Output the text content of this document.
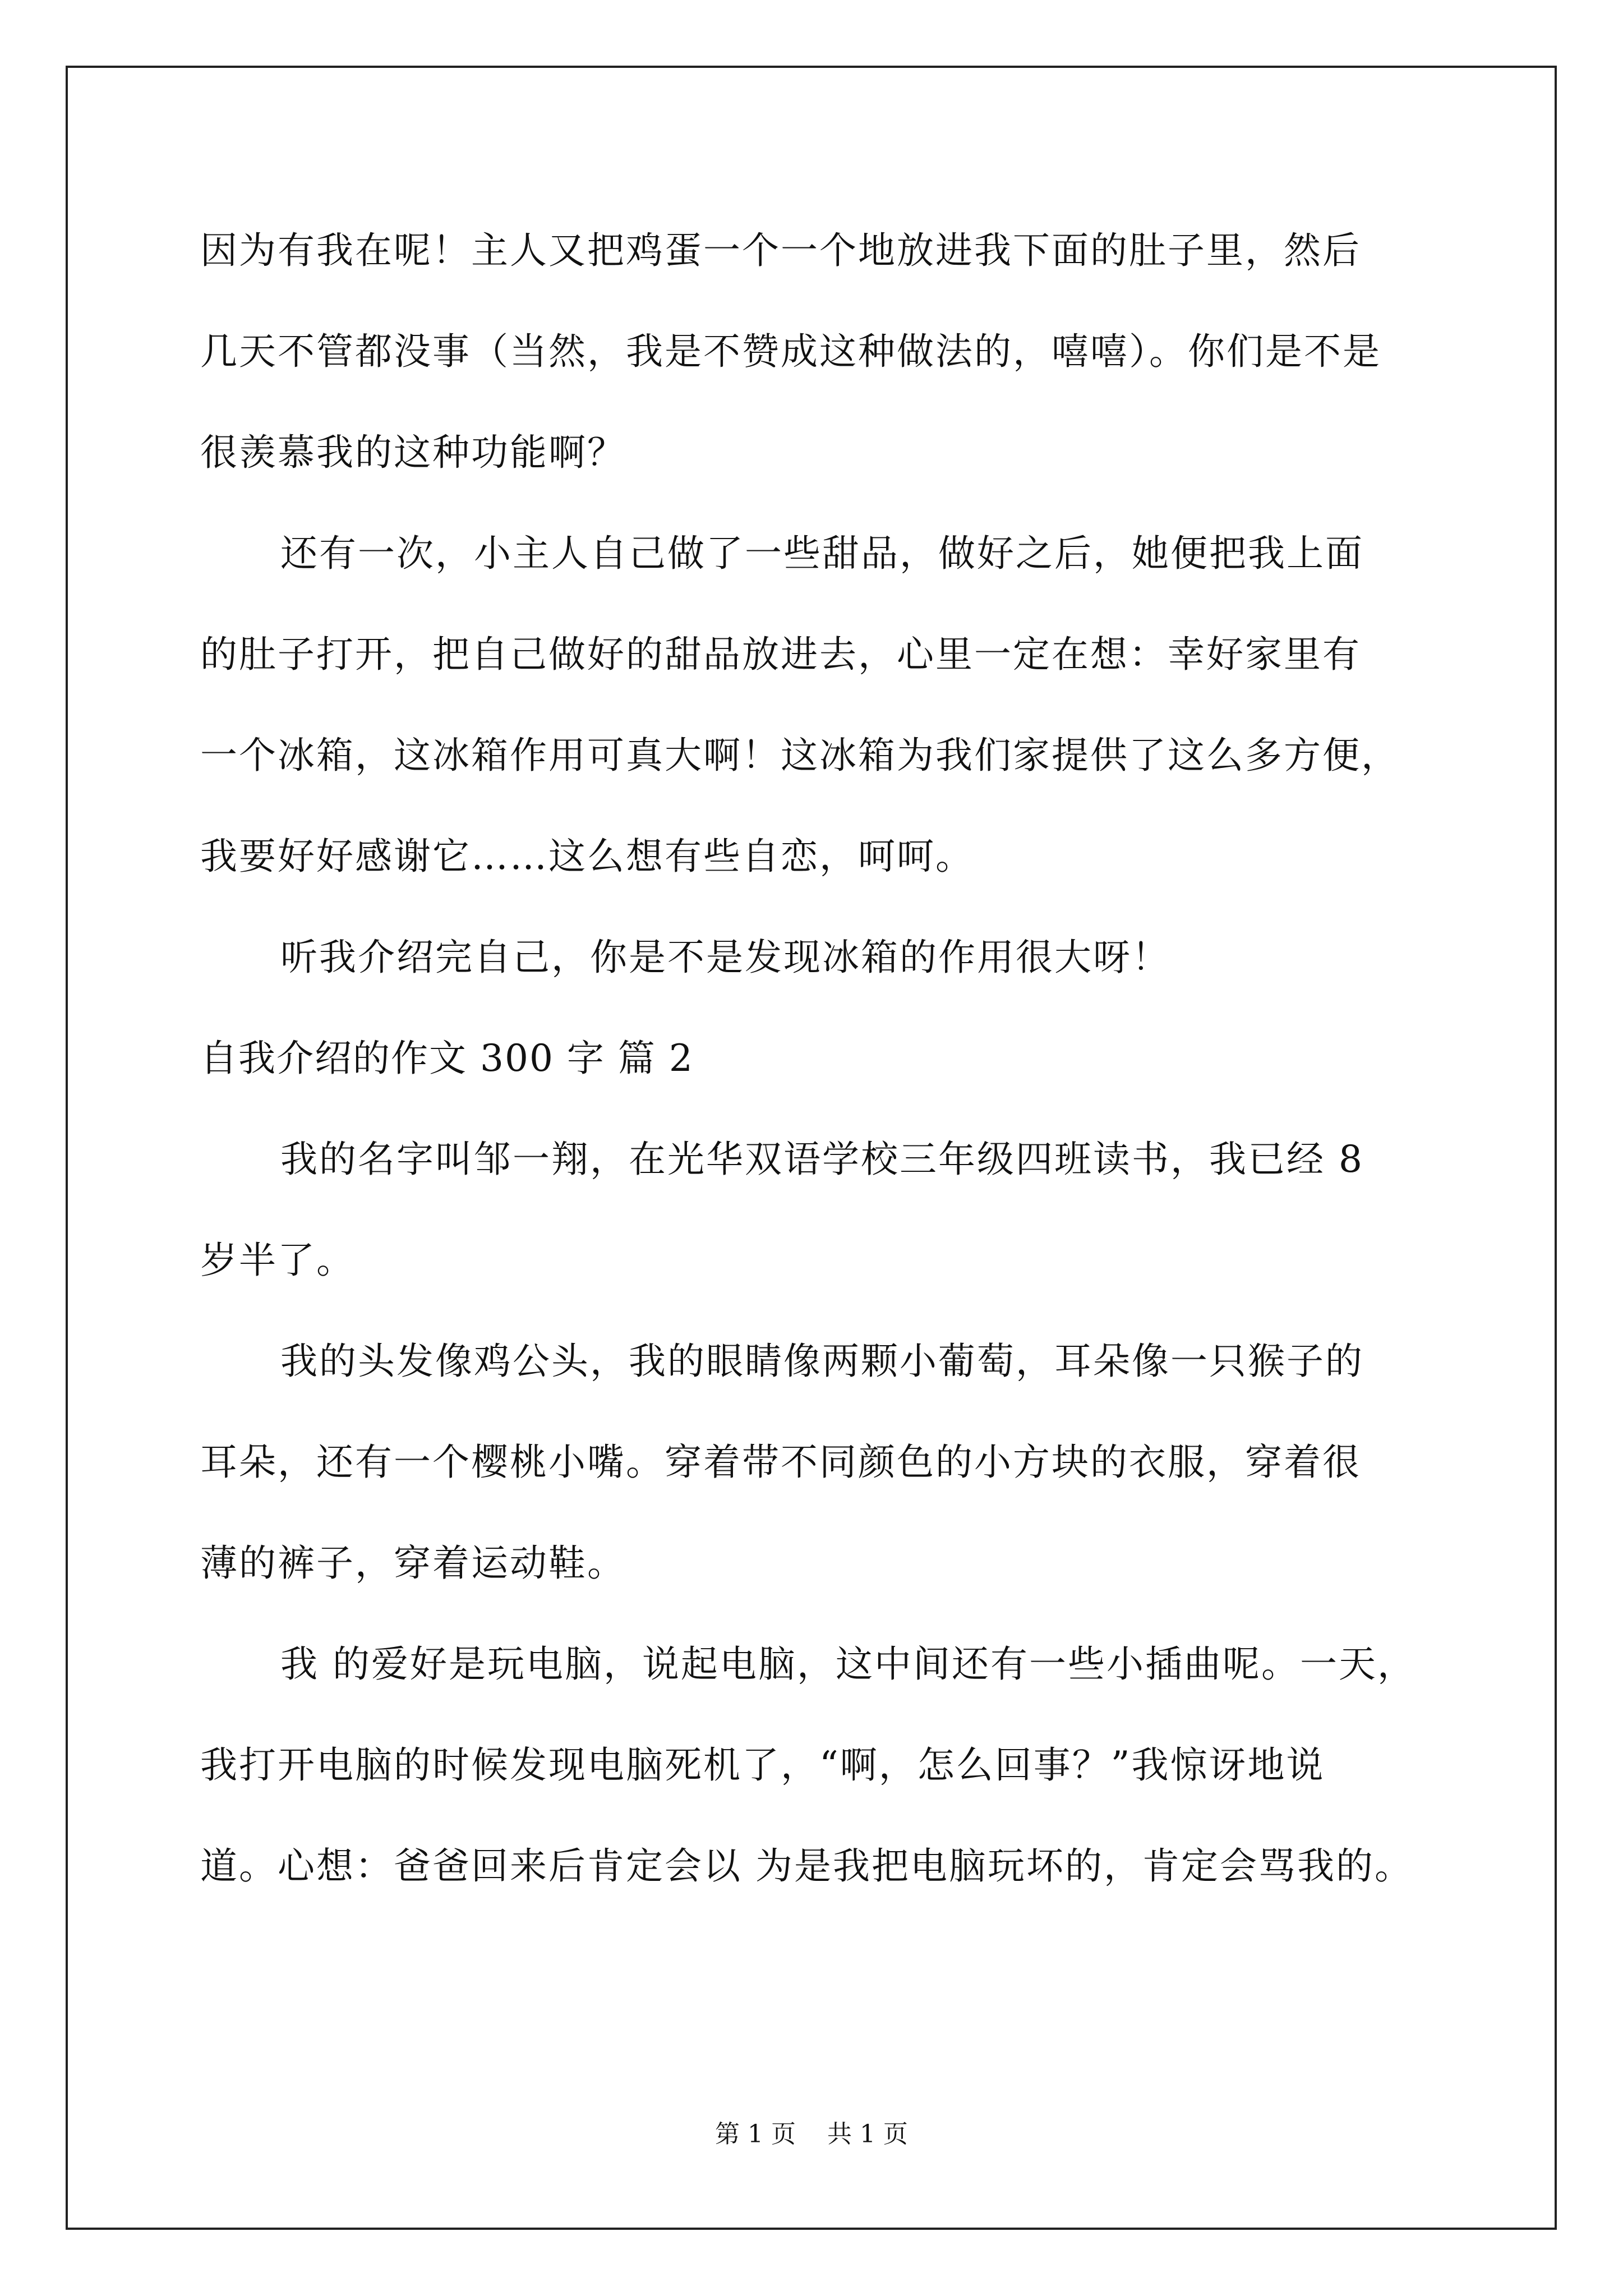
因为有我在呢！主人又把鸡蛋一个一个地放进我下面的肚子里，然后
几天不管都没事（当然，我是不赞成这种做法的，嘻嘻）。你们是不是
很羡慕我的这种功能啊？
还有一次，小主人自己做了一些甜品，做好之后，她便把我上面
的肚子打开，把自己做好的甜品放进去，心里一定在想：幸好家里有
一个冰箱，这冰箱作用可真大啊！这冰箱为我们家提供了这么多方便，
我要好好感谢它……这么想有些自恋，呵呵。
听我介绍完自己，你是不是发现冰箱的作用很大呀！
自我介绍的作文 300 字 篇 2
我的名字叫邹一翔，在光华双语学校三年级四班读书，我已经 8
岁半了。
我的头发像鸡公头，我的眼睛像两颗小葡萄，耳朵像一只猴子的
耳朵，还有一个樱桃小嘴。穿着带不同颜色的小方块的衣服，穿着很
薄的裤子，穿着运动鞋。
我 的爱好是玩电脑，说起电脑，这中间还有一些小插曲呢。一天，
我打开电脑的时候发现电脑死机了，“啊，怎么回事？”我惊讶地说
道。心想：爸爸回来后肯定会以 为是我把电脑玩坏的，肯定会骂我的。
第 1 页    共 1 页
